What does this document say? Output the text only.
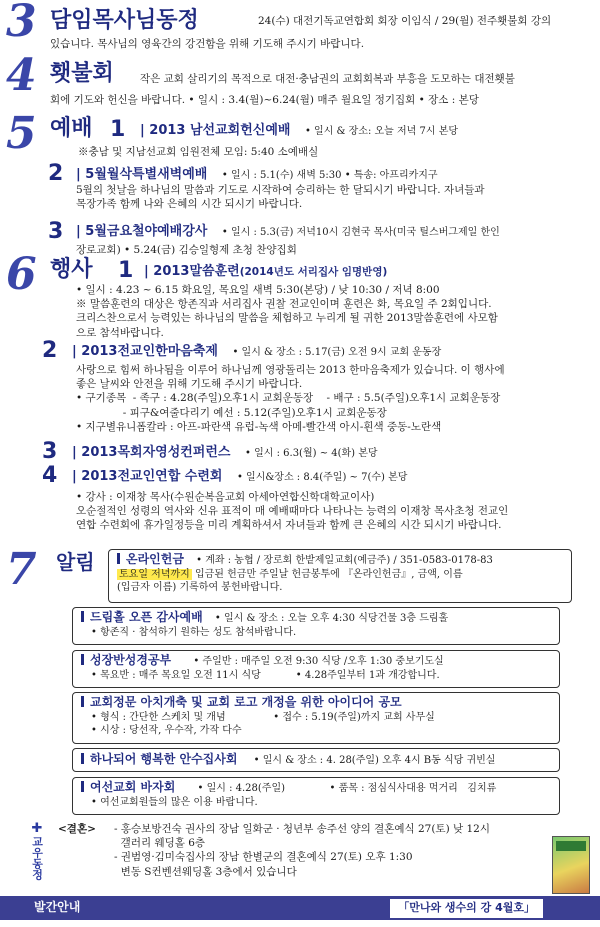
3 담임목사님동정	24(수) 대전기독교연합회 회장 이임식 / 29(월) 전주횃불회 강의
있습니다. 목사님의 영육간의 강건함을 위해 기도해 주시기 바랍니다.
4 횃불회 작은 교회 살리기의 목적으로 대전·충남권의 교회회복과 부흥을 도모하는 대전횃불
회에 기도와 헌신을 바랍니다. • 일시 : 3.4(월)~6.24(월) 매주 월요일 정기집회 • 장소 : 본당
5 예배 1 | 2013 남선교회헌신예배 • 일시 & 장소: 오늘 저녁 7시 본당
※충남 및 지남선교회 임원전체 모임: 5:40 소예배실
2 | 5월월삭특별새벽예배 • 일시 : 5.1(수) 새벽 5:30 • 특송: 아프리카지구
5월의 첫날을 하나님의 말씀과 기도로 시작하여 승리하는 한 달되시기 바랍니다. 자녀들과
목장가족 함께 나와 은혜의 시간 되시기 바랍니다.
3 | 5월금요철야예배강사 • 일시 : 5.3(금) 저녁10시 김현국 목사(미국 틸스버그제일 한인
장로교회) • 5.24(금) 김승일형제 초청 찬양집회
6 행사 1 | 2013말씀훈련(2014년도 서리집사 임명반영)
• 일시 : 4.23 ~ 6.15 화요일, 목요일 새벽 5:30(본당) / 낮 10:30 / 저녁 8:00
※ 말씀훈련의 대상은 항존직과 서리집사 권찰 전교인이며 훈련은 화, 목요일 주 2회입니다.
크리스찬으로서 능력있는 하나님의 말씀을 체험하고 누리게 될 귀한 2013말씀훈련에 사모함
으로 참석바랍니다.
2 | 2013전교인한마음축제 • 일시 & 장소 : 5.17(금) 오전 9시 교회 운동장
사랑으로 힘써 하나됨을 이루어 하나님께 영광돌리는 2013 한마음축제가 있습니다. 이 행사에
좋은 날씨와 안전을 위해 기도해 주시기 바랍니다.
• 구기종목  - 족구 : 4.28(주일)오후1시 교회운동장    - 배구 : 5.5(주일)오후1시 교회운동장
- 피구&여줄다리기 예선 : 5.12(주일)오후1시 교회운동장
• 지구별유니폼칼라 : 아프-파란색 유럽-녹색 아메-빨간색 아시-흰색 중동-노란색
3 | 2013목회자영성컨퍼런스 • 일시 : 6.3(월) ~ 4(화) 본당
4 | 2013전교인연합 수련회 • 일시&장소 : 8.4(주일) ~ 7(수) 본당
• 강사 : 이재창 목사(수원순복음교회 아세아연합신학대학교이사)
오순절적인 성령의 역사와 신유 표적이 매 예배때마다 나타나는 능력의 이재창 목사초청 전교인
연합 수련회에 휴가일정등을 미리 계획하셔서 자녀들과 함께 큰 은혜의 시간 되시기 바랍니다.
7 알림	온라인헌금 • 계좌 : 농협 / 장로회 한밭제일교회(예금주) / 351-0583-0178-83
토요일 저녁까지 입금된 헌금만 주일날 헌금봉투에 『온라인헌금』, 금액, 이름
(입금자 이름) 기록하여 봉헌바랍니다.
드림홀 오픈 감사예배 • 일시 & 장소 : 오늘 오후 4:30 식당건물 3층 드림홀
• 항존직 · 참석하기 원하는 성도 참석바랍니다.
성장반성경공부 • 주일반 : 매주일 오전 9:30 식당 /오후 1:30 중보기도실
• 목요반 : 매주 목요일 오전 11시 식당           • 4.28주일부터 1과 개강합니다.
교회정문 아치개축 및 교회 로고 개정을 위한 아이디어 공모
• 형식 : 간단한 스케치 및 개념               • 접수 : 5.19(주일)까지 교회 사무실
• 시상 : 당선작, 우수작, 가작 다수
하나되어 행복한 안수집사회 • 일시 & 장소 : 4. 28(주일) 오후 4시 B동 식당 귀빈실
여선교회 바자회 • 일시 : 4.28(주일)              • 품목 : 점심식사대용 먹거리   김치류
• 여선교회원들의 많은 이용 바랍니다.
✚
교우동정
<결혼> - 홍승보방건숙 권사의 장남 일화군 · 청년부 송주선 양의 결혼예식 27(토) 낮 12시
갤러리 웨딩홀 6층
- 권범영·김미숙집사의 장남 한별군의 결혼예식 27(토) 오후 1:30
변동 S컨벤션웨딩홀 3층에서 있습니다
발간안내	「만나와 생수의 강 4월호」
